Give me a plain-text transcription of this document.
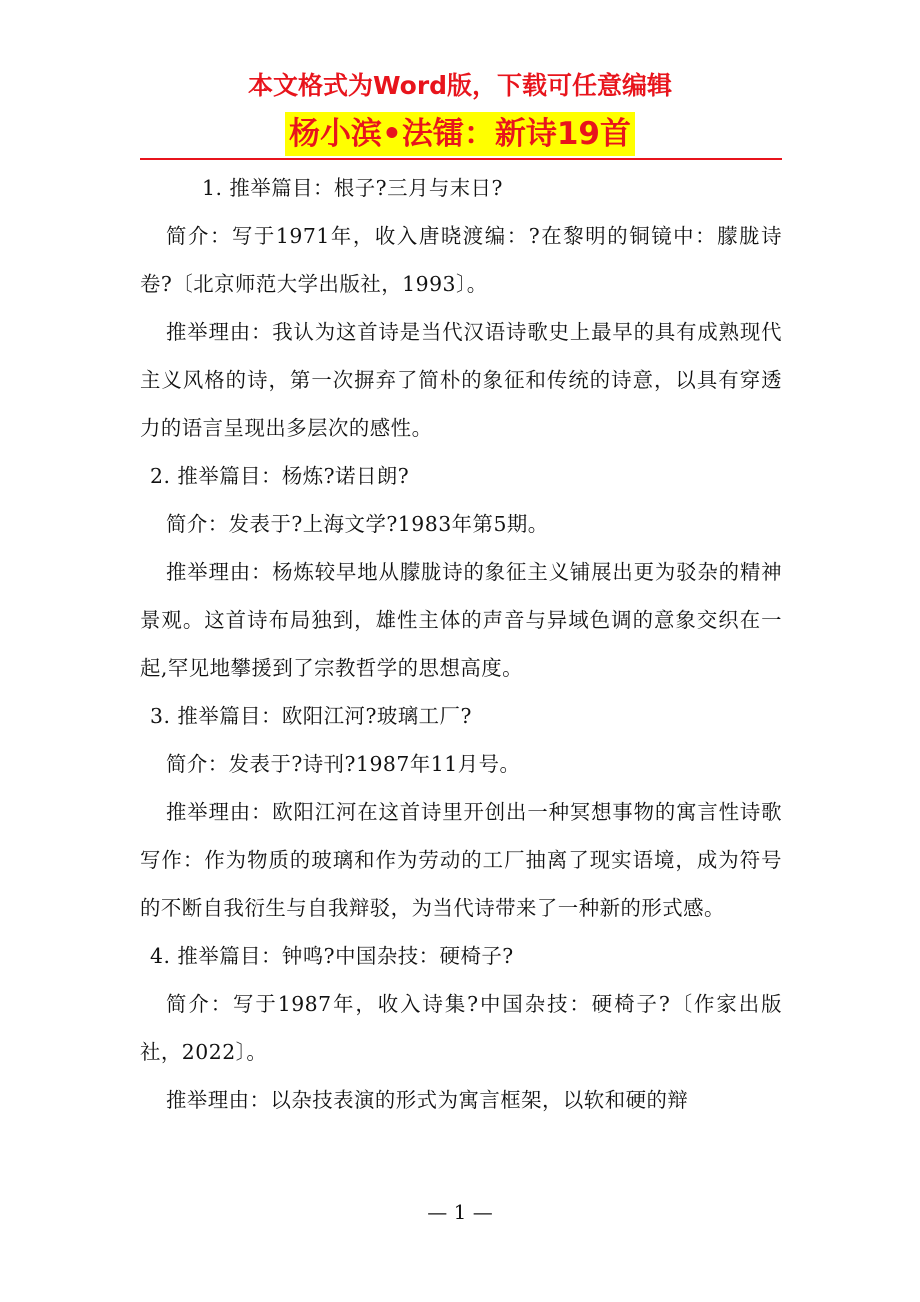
本文格式为Word版，下载可任意编辑
杨小滨•法镭：新诗19首

1. 推举篇目：根子?三月与末日?

简介：写于1971年，收入唐晓渡编：?在黎明的铜镜中：朦胧诗卷?〔北京师范大学出版社，1993〕。

推举理由：我认为这首诗是当代汉语诗歌史上最早的具有成熟现代主义风格的诗，第一次摒弃了简朴的象征和传统的诗意，以具有穿透力的语言呈现出多层次的感性。

2. 推举篇目：杨炼?诺日朗?

简介：发表于?上海文学?1983年第5期。

推举理由：杨炼较早地从朦胧诗的象征主义铺展出更为驳杂的精神景观。这首诗布局独到，雄性主体的声音与异域色调的意象交织在一起,罕见地攀援到了宗教哲学的思想高度。

3. 推举篇目：欧阳江河?玻璃工厂?

简介：发表于?诗刊?1987年11月号。

推举理由：欧阳江河在这首诗里开创出一种冥想事物的寓言性诗歌写作：作为物质的玻璃和作为劳动的工厂抽离了现实语境，成为符号的不断自我衍生与自我辩驳，为当代诗带来了一种新的形式感。

4. 推举篇目：钟鸣?中国杂技：硬椅子?

简介：写于1987年，收入诗集?中国杂技：硬椅子?〔作家出版社，2022〕。

推举理由：以杂技表演的形式为寓言框架，以软和硬的辩

— 1 —
